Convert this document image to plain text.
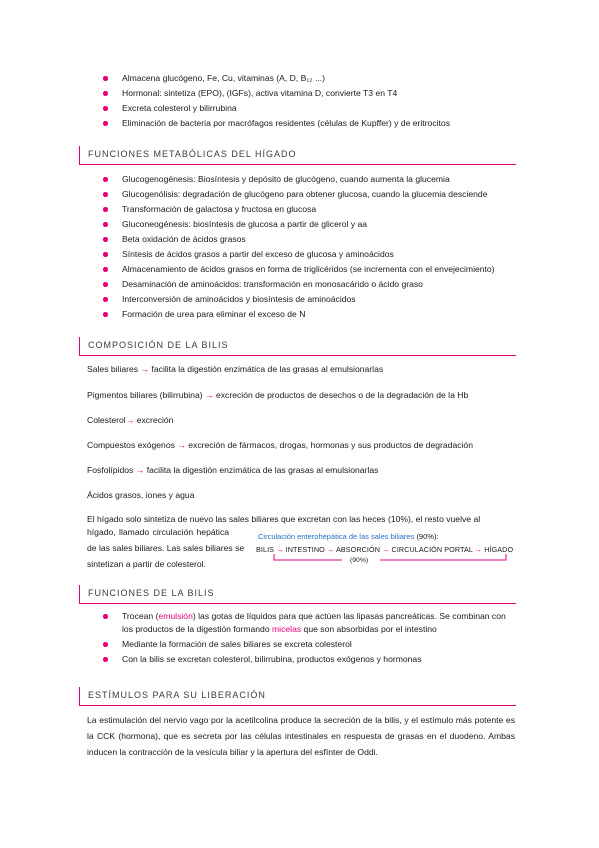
Almacena glucógeno, Fe, Cu, vitaminas (A, D, B₁₂ ...)
Hormonal: sintetiza (EPO), (IGFs), activa vitamina D, convierte T3 en T4
Excreta colesterol y bilirrubina
Eliminación de bacteria por macrófagos residentes (células de Kupffer) y de eritrocitos
FUNCIONES METABÓLICAS DEL HÍGADO
Glucogenogénesis: Biosíntesis y depósito de glucógeno, cuando aumenta la glucemia
Glucogenólisis: degradación de glucógeno para obtener glucosa, cuando la glucemia desciende
Transformación de galactosa y fructosa en glucosa
Gluconeogénesis: biosíntesis de glucosa a partir de glicerol y aa
Beta oxidación de ácidos grasos
Síntesis de ácidos grasos a partir del exceso de glucosa y aminoácidos
Almacenamiento de ácidos grasos en forma de triglicéridos (se incrementa con el envejecimiento)
Desaminación de aminoácidos: transformación en monosacárido o ácido graso
Interconversión de aminoácidos y biosíntesis de aminoácidos
Formación de urea para eliminar el exceso de N
COMPOSICIÓN DE LA BILIS
Sales biliares → facilita la digestión enzimática de las grasas al emulsionarlas
Pigmentos biliares (bilirrubina) → excreción de productos de desechos o de la degradación de la Hb
Colesterol→ excreción
Compuestos exógenos → excreción de fármacos, drogas, hormonas y sus productos de degradación
Fosfolípidos → facilita la digestión enzimática de las grasas al emulsionarlas
Ácidos grasos, iones y agua
El hígado solo sintetiza de nuevo las sales biliares que excretan con las heces (10%), el resto vuelve al
hígado, llamado circulación hepática
de las sales biliares. Las sales biliares se
sintetizan a partir de colesterol.
Circulación enterohepática de las sales biliares (90%):
BILIS → INTESTINO → ABSORCIÓN → CIRCULACIÓN PORTAL → HÍGADO
(90%)
FUNCIONES DE LA BILIS
Trocean (emulsión) las gotas de líquidos para que actúen las lipasas pancreáticas. Se combinan con los productos de la digestión formando micelas que son absorbidas por el intestino
Mediante la formación de sales biliares se excreta colesterol
Con la bilis se excretan colesterol, bilirrubina, productos exógenos y hormonas
ESTÍMULOS PARA SU LIBERACIÓN
La estimulación del nervio vago por la acetilcolina produce la secreción de la bilis, y el estímulo más potente es la CCK (hormona), que es secreta por las células intestinales en respuesta de grasas en el duodeno. Ambas inducen la contracción de la vesícula biliar y la apertura del esfínter de Oddi.
